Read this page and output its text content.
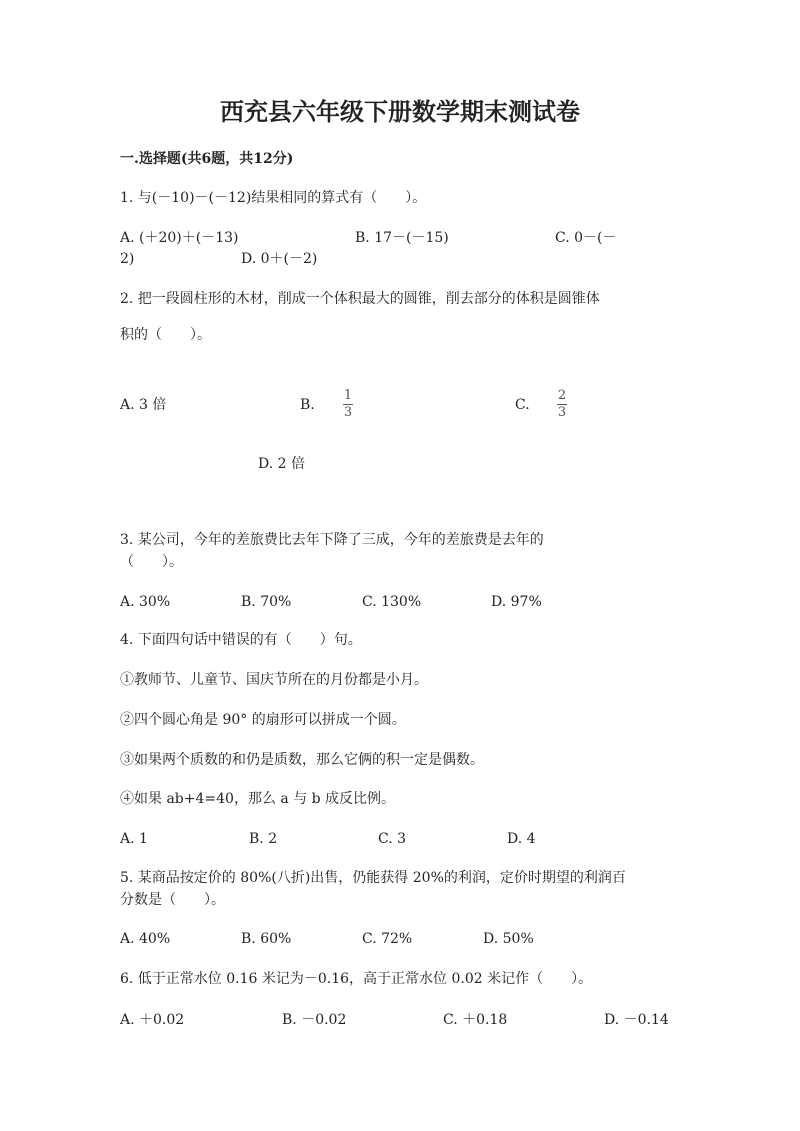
西充县六年级下册数学期末测试卷
一.选择题(共6题，共12分)
1. 与(－10)－(－12)结果相同的算式有（　　）。
A. (＋20)＋(－13)	B. 17－(－15)	C. 0－(－
2)	D. 0＋(－2)
2. 把一段圆柱形的木材，削成一个体积最大的圆锥，削去部分的体积是圆锥体
积的（　　）。
A. 3 倍	B.
1
3	C.
2
3
D. 2 倍
3. 某公司，今年的差旅费比去年下降了三成，今年的差旅费是去年的
（　　）。
A. 30%	B. 70%	C. 130%	D. 97%
4. 下面四句话中错误的有（　　）句。
①教师节、儿童节、国庆节所在的月份都是小月。
②四个圆心角是 90° 的扇形可以拼成一个圆。
③如果两个质数的和仍是质数，那么它俩的积一定是偶数。
④如果 ab+4=40，那么 a 与 b 成反比例。
A. 1	B. 2	C. 3	D. 4
5. 某商品按定价的 80%(八折)出售，仍能获得 20%的利润，定价时期望的利润百
分数是（　　）。
A. 40%	B. 60%	C. 72%	D. 50%
6. 低于正常水位 0.16 米记为－0.16，高于正常水位 0.02 米记作（　　）。
A. ＋0.02	B. －0.02	C. ＋0.18	D. －0.14
